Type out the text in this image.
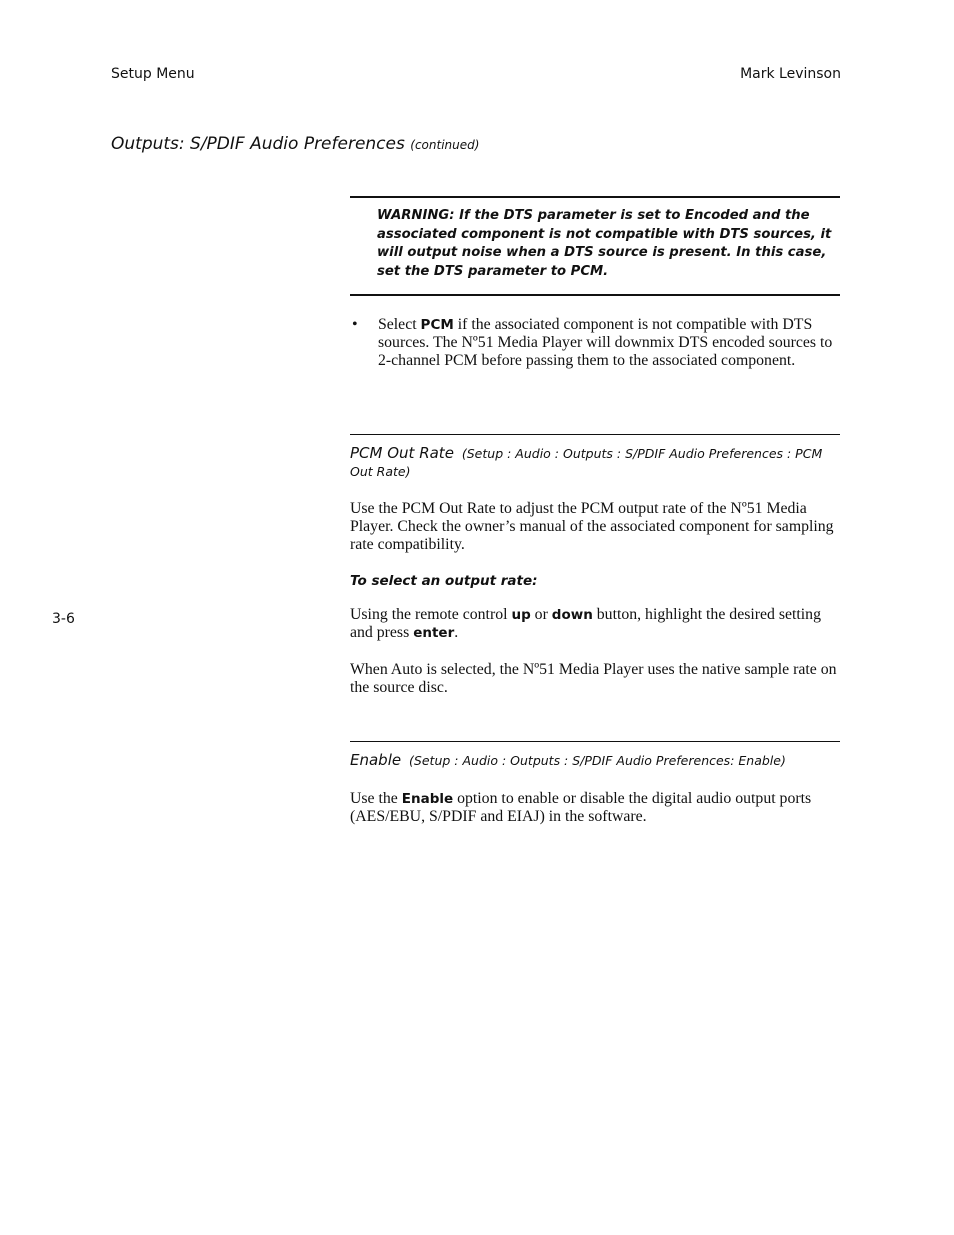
Setup Menu	Mark Levinson
Outputs: S/PDIF Audio Preferences (continued)
3-6
WARNING: If the DTS parameter is set to Encoded and the associated component is not compatible with DTS sources, it will output noise when a DTS source is present. In this case, set the DTS parameter to PCM.
• Select PCM if the associated component is not compatible with DTS sources. The Nº51 Media Player will downmix DTS encoded sources to 2-channel PCM before passing them to the associated component.
PCM Out Rate (Setup : Audio : Outputs : S/PDIF Audio Preferences : PCM Out Rate)
Use the PCM Out Rate to adjust the PCM output rate of the Nº51 Media Player. Check the owner’s manual of the associated component for sampling rate compatibility.
To select an output rate:
Using the remote control up or down button, highlight the desired setting and press enter.
When Auto is selected, the Nº51 Media Player uses the native sample rate on the source disc.
Enable (Setup : Audio : Outputs : S/PDIF Audio Preferences: Enable)
Use the Enable option to enable or disable the digital audio output ports (AES/EBU, S/PDIF and EIAJ) in the software.
